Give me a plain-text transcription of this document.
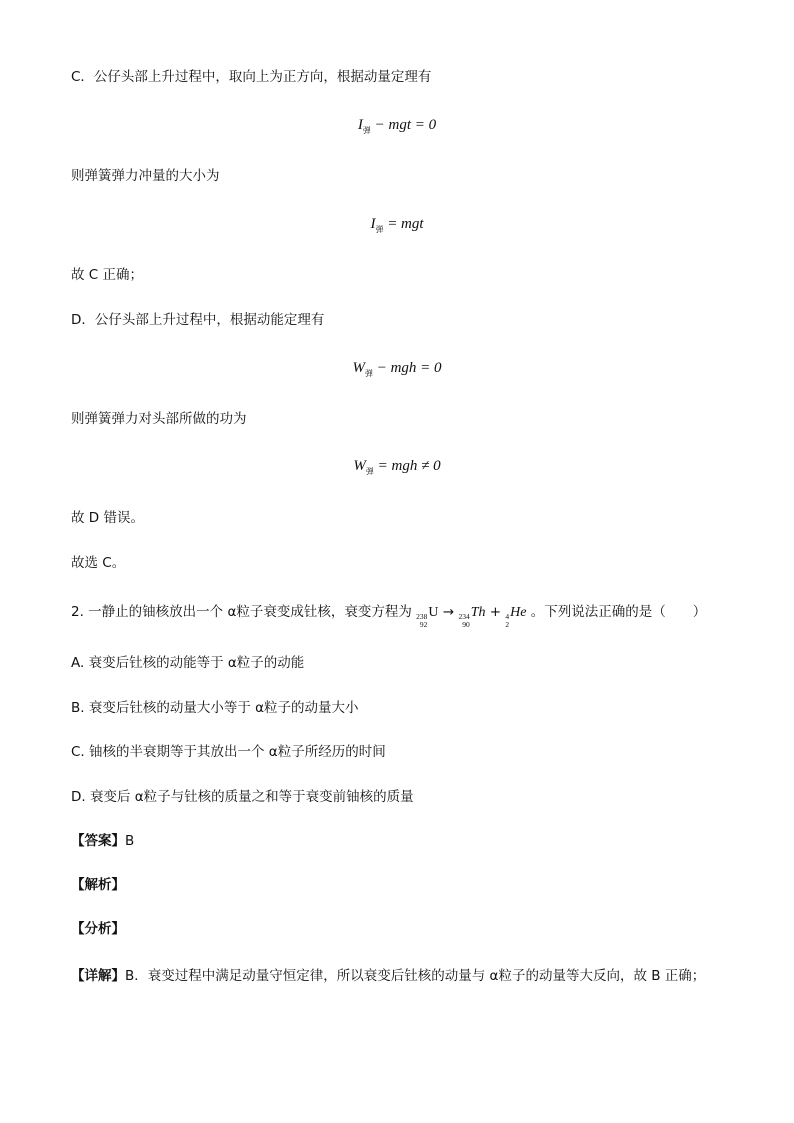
C．公仔头部上升过程中，取向上为正方向，根据动量定理有
$I_弹$ − mgt = 0
则弹簧弹力冲量的大小为
$I_弹$ = mgt
故 C 正确；
D．公仔头部上升过程中，根据动能定理有
$W_弹$ − mgh = 0
则弹簧弹力对头部所做的功为
$W_弹$ = mgh ≠ 0
故 D 错误。
故选 C。
2. 一静止的铀核放出一个 α粒子衰变成钍核，衰变方程为 238
92
U → 234
90
Th + 4
2
He 。下列说法正确的是（　　）
A. 衰变后钍核的动能等于 α粒子的动能
B. 衰变后钍核的动量大小等于 α粒子的动量大小
C. 铀核的半衰期等于其放出一个 α粒子所经历的时间
D. 衰变后 α粒子与钍核的质量之和等于衰变前铀核的质量
【答案】B
【解析】
【分析】
【详解】B．衰变过程中满足动量守恒定律，所以衰变后钍核的动量与 α粒子的动量等大反向，故 B 正确；
